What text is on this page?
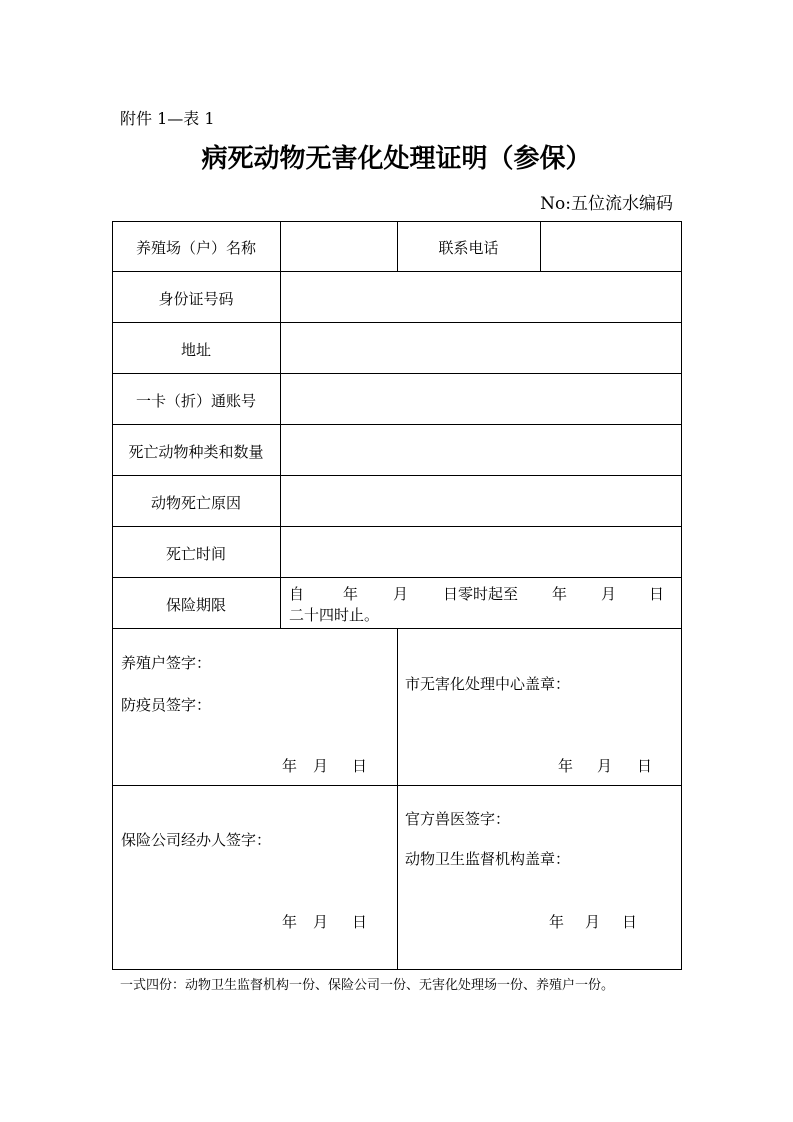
附件 1—表 1
病死动物无害化处理证明（参保）
No:五位流水编码
养殖场（户）名称	联系电话
身份证号码
地址
一卡（折）通账号
死亡动物种类和数量
动物死亡原因
死亡时间
保险期限
自	年 月 日零时起至 年 月 日
二十四时止。
养殖户签字：
防疫员签字：
年 月 日
市无害化处理中心盖章：
年 月 日
保险公司经办人签字：
年 月 日
官方兽医签字：
动物卫生监督机构盖章：
年 月 日
一式四份：动物卫生监督机构一份、保险公司一份、无害化处理场一份、养殖户一份。
